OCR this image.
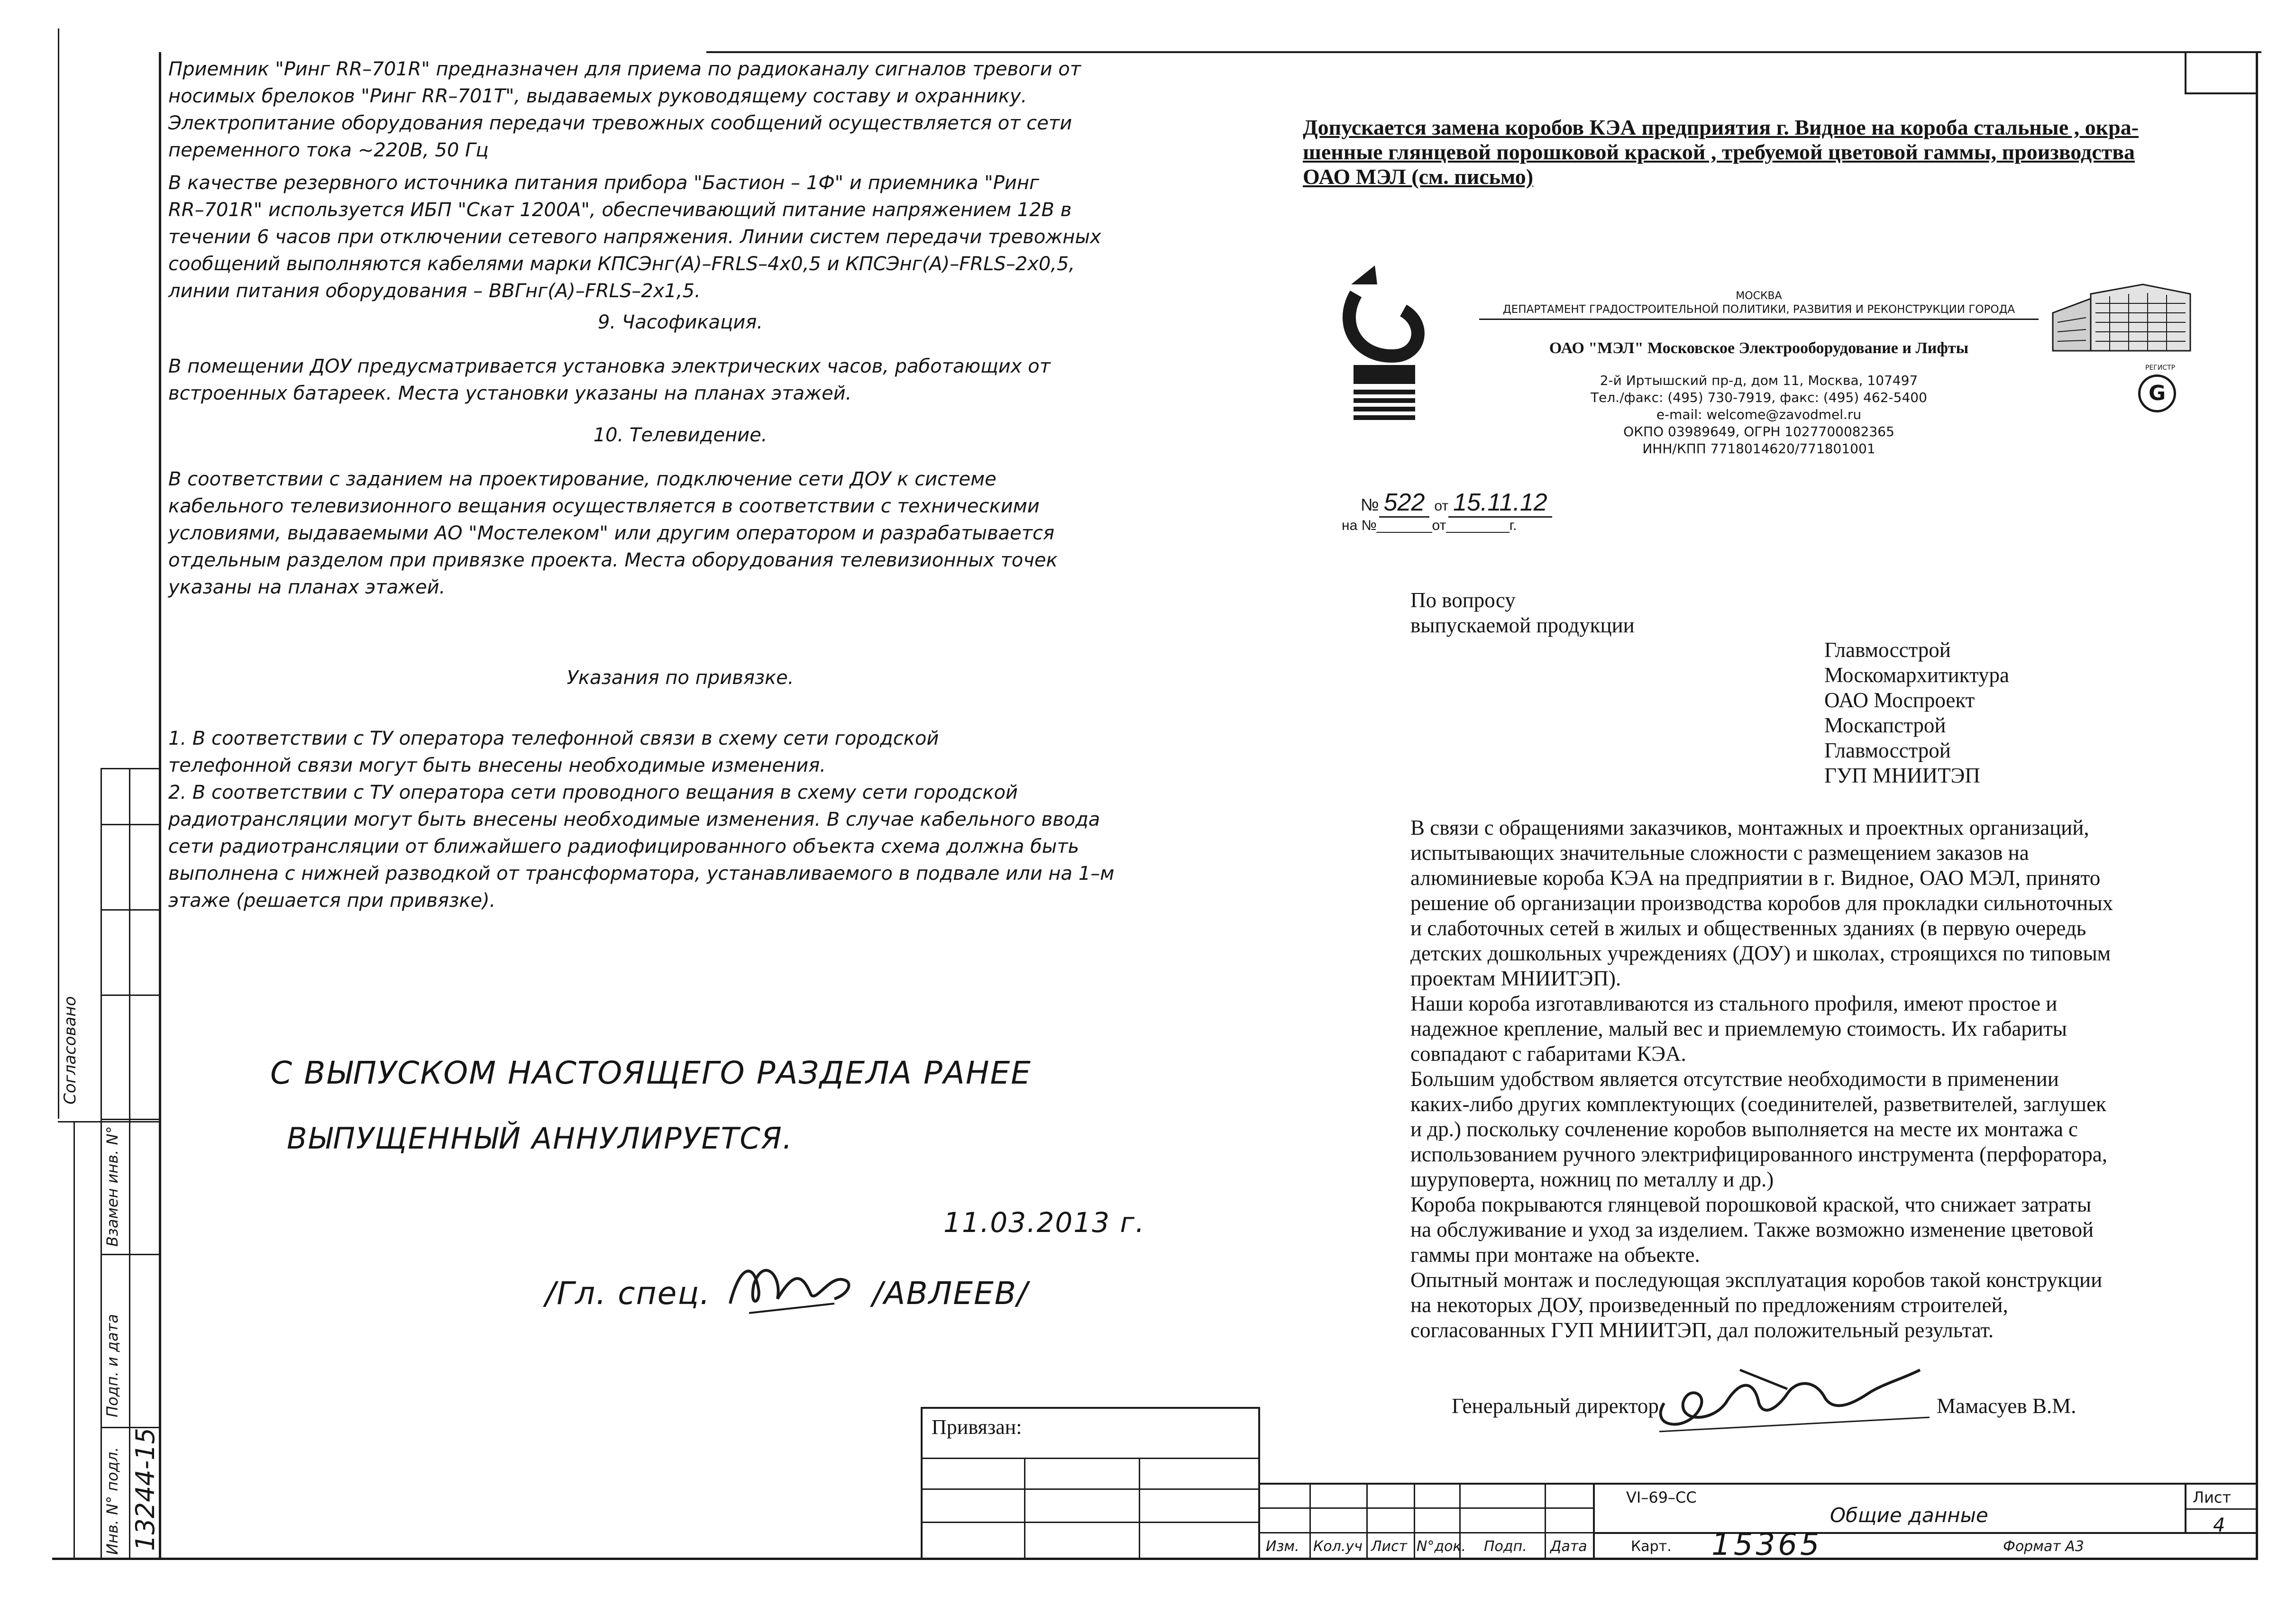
Приемник "Ринг RR–701R" предназначен для приема по радиоканалу сигналов тревоги от

носимых брелоков "Ринг RR–701T", выдаваемых руководящему составу и охраннику.

Электропитание оборудования передачи тревожных сообщений осуществляется от сети

переменного тока ~220В, 50 Гц

В качестве резервного источника питания прибора "Бастион – 1Ф" и приемника "Ринг

RR–701R" используется ИБП "Скат 1200А", обеспечивающий питание напряжением 12В в

течении 6 часов при отключении сетевого напряжения. Линии систем передачи тревожных

сообщений выполняются кабелями марки КПСЭнг(А)–FRLS–4х0,5 и КПСЭнг(А)–FRLS–2х0,5,

линии питания оборудования – ВВГнг(А)–FRLS–2х1,5.

9. Часофикация.

В помещении ДОУ предусматривается установка электрических часов, работающих от

встроенных батареек. Места установки указаны на планах этажей.

10. Телевидение.

В соответствии с заданием на проектирование, подключение сети ДОУ к системе

кабельного телевизионного вещания осуществляется в соответствии с техническими

условиями, выдаваемыми АО "Мостелеком" или другим оператором и разрабатывается

отдельным разделом при привязке проекта. Места оборудования телевизионных точек

указаны на планах этажей.

Указания по привязке.

1. В соответствии с ТУ оператора телефонной связи в схему сети городской

телефонной связи могут быть внесены необходимые изменения.

2. В соответствии с ТУ оператора сети проводного вещания в схему сети городской

радиотрансляции могут быть внесены необходимые изменения. В случае кабельного ввода

сети радиотрансляции от ближайшего радиофицированного объекта схема должна быть

выполнена с нижней разводкой от трансформатора, устанавливаемого в подвале или на 1–м

этаже (решается при привязке).

С ВЫПУСКОМ НАСТОЯЩЕГО РАЗДЕЛА РАНЕЕ
ВЫПУЩЕННЫЙ АННУЛИРУЕТСЯ.
11.03.2013 г.
/Гл. спец.	/АВЛЕЕВ/

Допускается замена коробов КЭА предприятия г. Видное на короба стальные , окра-

шенные глянцевой порошковой краской , требуемой цветовой гаммы, производства

ОАО МЭЛ (см. письмо)

МОСКВА
ДЕПАРТАМЕНТ ГРАДОСТРОИТЕЛЬНОЙ ПОЛИТИКИ, РАЗВИТИЯ И РЕКОНСТРУКЦИИ ГОРОДА
ОАО "МЭЛ" Московское Электрооборудование и Лифты
2-й Иртышский пр-д, дом 11, Москва, 107497
Тел./факс: (495) 730-7919, факс: (495) 462-5400
e-mail: welcome@zavodmel.ru
ОКПО 03989649, ОГРН 1027700082365
ИНН/КПП 7718014620/771801001
РЕГИСТР
G
№ 522 от 15.11.12
на №_______от________г.

По вопросу

выпускаемой продукции

Главмосстрой

Москомархитиктура

ОАО Моспроект

Москапстрой

Главмосстрой

ГУП МНИИТЭП

В связи с обращениями заказчиков, монтажных и проектных организаций,

испытывающих значительные сложности с размещением заказов на

алюминиевые короба КЭА на предприятии в г. Видное, ОАО МЭЛ, принято

решение об организации производства коробов для прокладки сильноточных

и слаботочных сетей в жилых и общественных зданиях (в первую очередь

детских дошкольных учреждениях (ДОУ) и школах, строящихся по типовым

проектам МНИИТЭП).

Наши короба изготавливаются из стального профиля, имеют простое и

надежное крепление, малый вес и приемлемую стоимость. Их габариты

совпадают с габаритами КЭА.

Большим удобством является отсутствие необходимости в применении

каких-либо других комплектующих (соединителей, разветвителей, заглушек

и др.) поскольку сочленение коробов выполняется на месте их монтажа с

использованием ручного электрифицированного инструмента (перфоратора,

шуруповерта, ножниц по металлу и др.)

Короба покрываются глянцевой порошковой краской, что снижает затраты

на обслуживание и уход за изделием. Также возможно изменение цветовой

гаммы при монтаже на объекте.

Опытный монтаж и последующая эксплуатация коробов такой конструкции

на некоторых ДОУ, произведенный по предложениям строителей,

согласованных ГУП МНИИТЭП, дал положительный результат.

Генеральный директор	Мамасуев В.М.
Привязан:
Изм. Кол.уч Лист N°док. Подп. Дата
VI–69–СС
Общие данные
Лист
4
Карт. 15365	Формат А3
Согласовано
Взамен инв. N°
Подп. и дата
Инв. N° подл. 13244-15
